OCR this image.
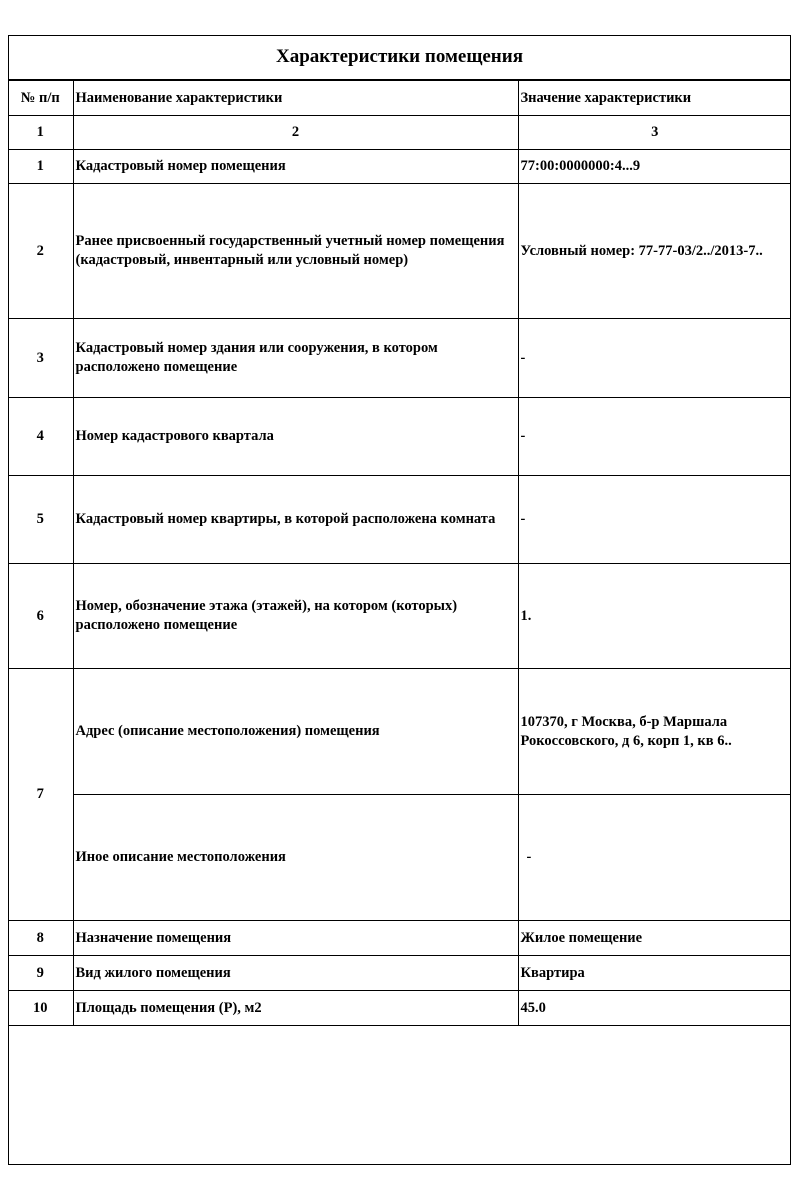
Характеристики помещения
№ п/п	Наименование характеристики	Значение характеристики
1	2	3
1	Кадастровый номер помещения	77:00:0000000:4...9
2	Ранее присвоенный государственный учетный номер помещения (кадастровый, инвентарный или условный номер)	Условный номер: 77-77-03/2../2013-7..
3	Кадастровый номер здания или сооружения, в котором расположено помещение	-
4	Номер кадастрового квартала	-
5	Кадастровый номер квартиры, в которой расположена комната	-
6	Номер, обозначение этажа (этажей), на котором (которых) расположено помещение	1.
7	Адрес (описание местоположения) помещения	107370, г Москва, б-р Маршала Рокоссовского, д 6, корп 1, кв 6..
	Иное описание местоположения	-
8	Назначение помещения	Жилое помещение
9	Вид жилого помещения	Квартира
10	Площадь помещения (Р), м2	45.0
